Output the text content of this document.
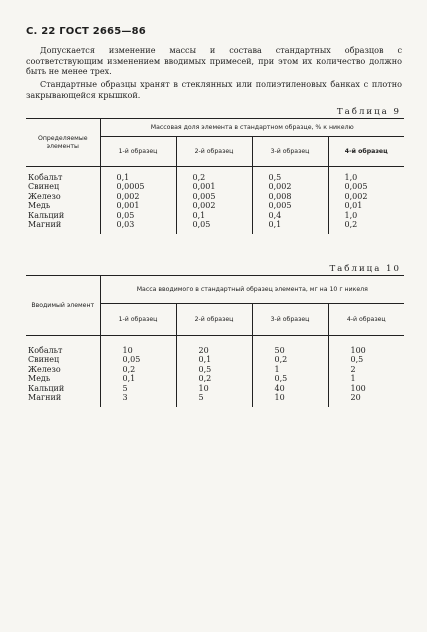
С. 22 ГОСТ 2665—86
Допускается изменение массы и состава стандартных образцов с соответствующим изменением вводимых примесей, при этом их количество должно быть не менее трех.
Стандартные образцы хранят в стеклянных или полиэтиленовых банках с плотно закрывающейся крышкой.
Таблица 9
Определяемые элементы	Массовая доля элемента в стандартном образце, % к никелю			
	1-й образец	2-й образец	3-й образец	4-й образец

Кобальт	0,1	0,2	0,5	1,0
Свинец	0,0005	0,001	0,002	0,005
Железо	0,002	0,005	0,008	0,002
Медь	0,001	0,002	0,005	0,01
Кальций	0,05	0,1	0,4	1,0
Магний	0,03	0,05	0,1	0,2

Таблица 10
Вводимый элемент	Масса вводимого в стандартный образец элемента, мг на 10 г никеля			
	1-й образец	2-й образец	3-й образец	4-й образец

Кобальт	10	20	50	100
Свинец	0,05	0,1	0,2	0,5
Железо	0,2	0,5	1	2
Медь	0,1	0,2	0,5	1
Кальций	5	10	40	100
Магний	3	5	10	20
